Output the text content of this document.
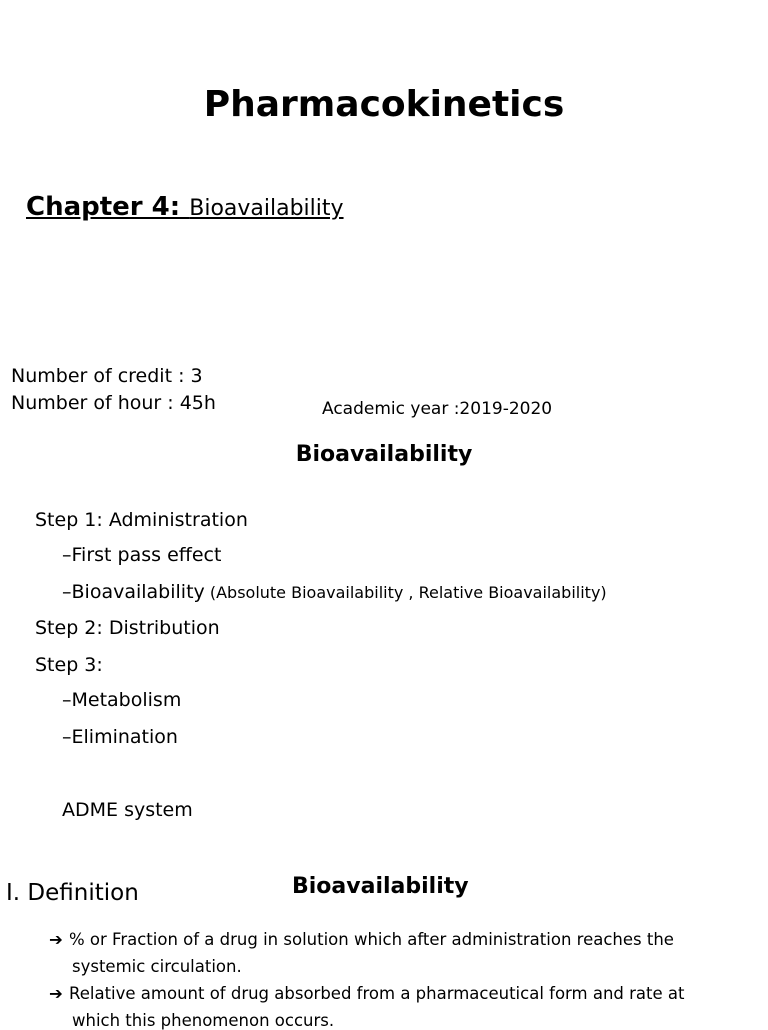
Pharmacokinetics
Chapter 4: Bioavailability
Number of credit : 3
Number of hour : 45h	Academic year :2019-2020
Bioavailability
Step 1: Administration
–First pass effect
–Bioavailability (Absolute Bioavailability , Relative Bioavailability)
Step 2: Distribution
Step 3:
–Metabolism
–Elimination
ADME system
I. Definition	Bioavailability
➔ % or Fraction of a drug in solution which after administration reaches the
systemic circulation.
➔ Relative amount of drug absorbed from a pharmaceutical form and rate at
which this phenomenon occurs.
